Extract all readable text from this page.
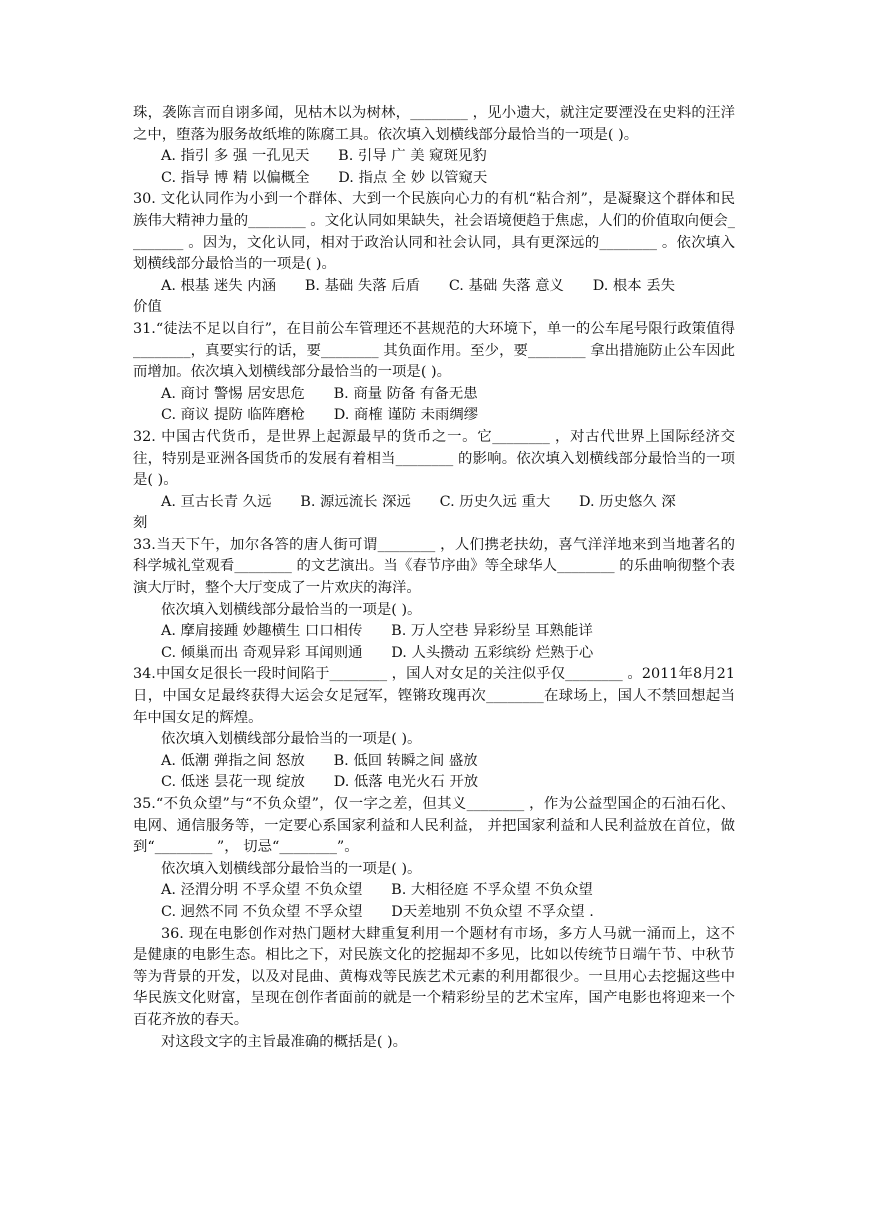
珠，袭陈言而自诩多闻，见枯木以为树林，________ ，见小遗大，就注定要湮没在史料的汪洋之中，堕落为服务故纸堆的陈腐工具。依次填入划横线部分最恰当的一项是( )。

A. 指引 多 强 一孔见天　　B. 引导 广 美 窥斑见豹

C. 指导 博 精 以偏概全　　D. 指点 全 妙 以管窥天

30. 文化认同作为小到一个群体、大到一个民族向心力的有机“粘合剂”，是凝聚这个群体和民族伟大精神力量的________ 。文化认同如果缺失，社会语境便趋于焦虑，人们的价值取向便会________ 。因为，文化认同，相对于政治认同和社会认同，具有更深远的________ 。依次填入划横线部分最恰当的一项是( )。

A. 根基 迷失 内涵　　B. 基础 失落 后盾　　C. 基础 失落 意义　　D. 根本 丢失

价值

31.“徒法不足以自行”，在目前公车管理还不甚规范的大环境下，单一的公车尾号限行政策值得________，真要实行的话，要________ 其负面作用。至少，要________ 拿出措施防止公车因此而增加。依次填入划横线部分最恰当的一项是( )。

A. 商讨 警惕 居安思危　　B. 商量 防备 有备无患

C. 商议 提防 临阵磨枪　　D. 商榷 谨防 未雨绸缪

32. 中国古代货币，是世界上起源最早的货币之一。它________ ，对古代世界上国际经济交往，特别是亚洲各国货币的发展有着相当________ 的影响。依次填入划横线部分最恰当的一项是( )。

A. 亘古长青 久远　　B. 源远流长 深远　　C. 历史久远 重大　　D. 历史悠久 深

刻

33.当天下午，加尔各答的唐人街可谓________ ，人们携老扶幼，喜气洋洋地来到当地著名的科学城礼堂观看________ 的文艺演出。当《春节序曲》等全球华人________ 的乐曲响彻整个表演大厅时，整个大厅变成了一片欢庆的海洋。

依次填入划横线部分最恰当的一项是( )。

A. 摩肩接踵 妙趣横生 口口相传　　B. 万人空巷 异彩纷呈 耳熟能详

C. 倾巢而出 奇观异彩 耳闻则通　　D. 人头攒动 五彩缤纷 烂熟于心

34.中国女足很长一段时间陷于________ ，国人对女足的关注似乎仅________ 。2011年8月21日，中国女足最终获得大运会女足冠军，铿锵玫瑰再次________在球场上，国人不禁回想起当年中国女足的辉煌。

依次填入划横线部分最恰当的一项是( )。

A. 低潮 弹指之间 怒放　　B. 低回 转瞬之间 盛放

C. 低迷 昙花一现 绽放　　D. 低落 电光火石 开放

35.“不负众望”与“不负众望”，仅一字之差，但其义________ ，作为公益型国企的石油石化、电网、通信服务等，一定要心系国家利益和人民利益， 并把国家利益和人民利益放在首位，做到“________ ”， 切忌“________”。

依次填入划横线部分最恰当的一项是( )。

A. 泾渭分明 不孚众望 不负众望　　B. 大相径庭 不孚众望 不负众望

C. 迥然不同 不负众望 不孚众望　　D天差地别 不负众望 不孚众望 .

36. 现在电影创作对热门题材大肆重复利用一个题材有市场，多方人马就一涌而上，这不是健康的电影生态。相比之下，对民族文化的挖掘却不多见，比如以传统节日端午节、中秋节等为背景的开发，以及对昆曲、黄梅戏等民族艺术元素的利用都很少。一旦用心去挖掘这些中华民族文化财富，呈现在创作者面前的就是一个精彩纷呈的艺术宝库，国产电影也将迎来一个百花齐放的春天。

对这段文字的主旨最准确的概括是( )。
